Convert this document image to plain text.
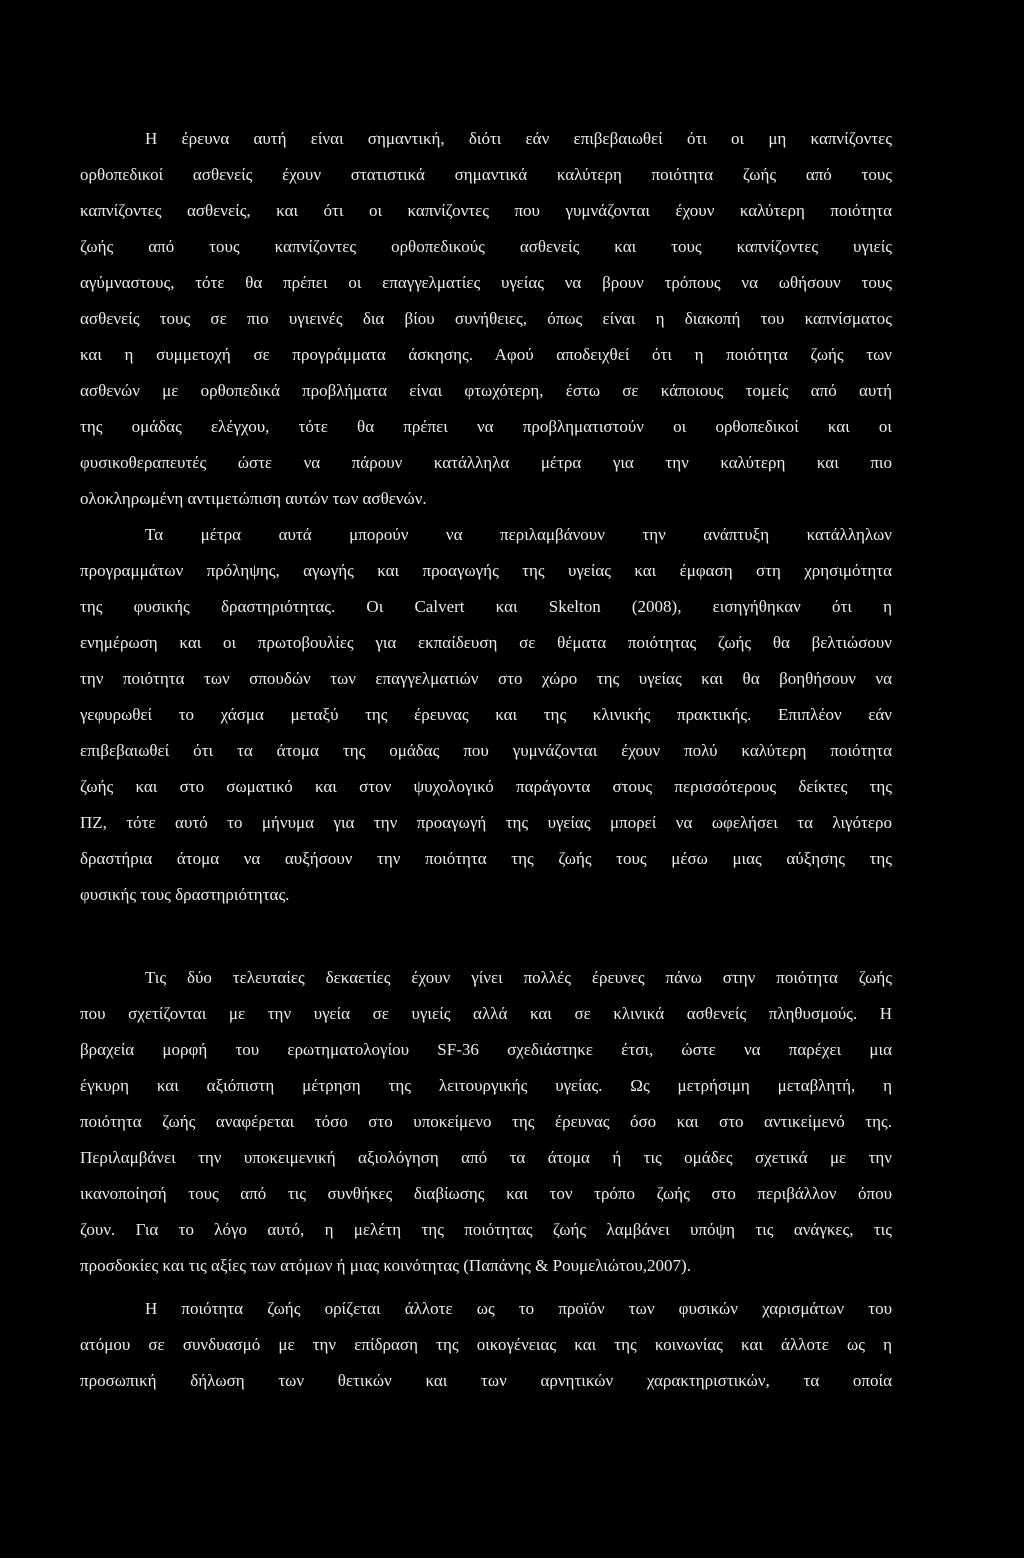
Η έρευνα αυτή είναι σημαντική, διότι εάν επιβεβαιωθεί ότι οι μη καπνίζοντες
ορθοπεδικοί ασθενείς έχουν στατιστικά σημαντικά καλύτερη ποιότητα ζωής από τους
καπνίζοντες ασθενείς, και ότι οι καπνίζοντες που γυμνάζονται έχουν καλύτερη ποιότητα
ζωής από τους καπνίζοντες ορθοπεδικούς ασθενείς και τους καπνίζοντες υγιείς
αγύμναστους, τότε θα πρέπει οι επαγγελματίες υγείας να βρουν τρόπους να ωθήσουν τους
ασθενείς τους σε πιο υγιεινές δια βίου συνήθειες, όπως είναι η διακοπή του καπνίσματος
και η συμμετοχή σε προγράμματα άσκησης. Αφού αποδειχθεί ότι η ποιότητα ζωής των
ασθενών με ορθοπεδικά προβλήματα είναι φτωχότερη, έστω σε κάποιους τομείς από αυτή
της ομάδας ελέγχου, τότε θα πρέπει να προβληματιστούν οι ορθοπεδικοί και οι
φυσικοθεραπευτές ώστε να πάρουν κατάλληλα μέτρα για την καλύτερη και πιο
ολοκληρωμένη αντιμετώπιση αυτών των ασθενών.
Τα μέτρα αυτά μπορούν να περιλαμβάνουν την ανάπτυξη κατάλληλων
προγραμμάτων πρόληψης, αγωγής και προαγωγής της υγείας και έμφαση στη χρησιμότητα
της φυσικής δραστηριότητας. Οι Calvert και Skelton (2008), εισηγήθηκαν ότι η
ενημέρωση και οι πρωτοβουλίες για εκπαίδευση σε θέματα ποιότητας ζωής θα βελτιώσουν
την ποιότητα των σπουδών των επαγγελματιών στο χώρο της υγείας και θα βοηθήσουν να
γεφυρωθεί το χάσμα μεταξύ της έρευνας και της κλινικής πρακτικής. Επιπλέον εάν
επιβεβαιωθεί ότι τα άτομα της ομάδας που γυμνάζονται έχουν πολύ καλύτερη ποιότητα
ζωής και στο σωματικό και στον ψυχολογικό παράγοντα στους περισσότερους δείκτες της
ΠΖ, τότε αυτό το μήνυμα για την προαγωγή της υγείας μπορεί να ωφελήσει τα λιγότερο
δραστήρια άτομα να αυξήσουν την ποιότητα της ζωής τους μέσω μιας αύξησης της
φυσικής τους δραστηριότητας.
Τις δύο τελευταίες δεκαετίες έχουν γίνει πολλές έρευνες πάνω στην ποιότητα ζωής
που σχετίζονται με την υγεία σε υγιείς αλλά και σε κλινικά ασθενείς πληθυσμούς. Η
βραχεία μορφή του ερωτηματολογίου SF-36 σχεδιάστηκε έτσι, ώστε να παρέχει μια
έγκυρη και αξιόπιστη μέτρηση της λειτουργικής υγείας. Ως μετρήσιμη μεταβλητή, η
ποιότητα ζωής αναφέρεται τόσο στο υποκείμενο της έρευνας όσο και στο αντικείμενό της.
Περιλαμβάνει την υποκειμενική αξιολόγηση από τα άτομα ή τις ομάδες σχετικά με την
ικανοποίησή τους από τις συνθήκες διαβίωσης και τον τρόπο ζωής στο περιβάλλον όπου
ζουν. Για το λόγο αυτό, η μελέτη της ποιότητας ζωής λαμβάνει υπόψη τις ανάγκες, τις
προσδοκίες και τις αξίες των ατόμων ή μιας κοινότητας (Παπάνης & Ρουμελιώτου,2007).
Η ποιότητα ζωής ορίζεται άλλοτε ως το προϊόν των φυσικών χαρισμάτων του
ατόμου σε συνδυασμό με την επίδραση της οικογένειας και της κοινωνίας και άλλοτε ως η
προσωπική δήλωση των θετικών και των αρνητικών χαρακτηριστικών, τα οποία
